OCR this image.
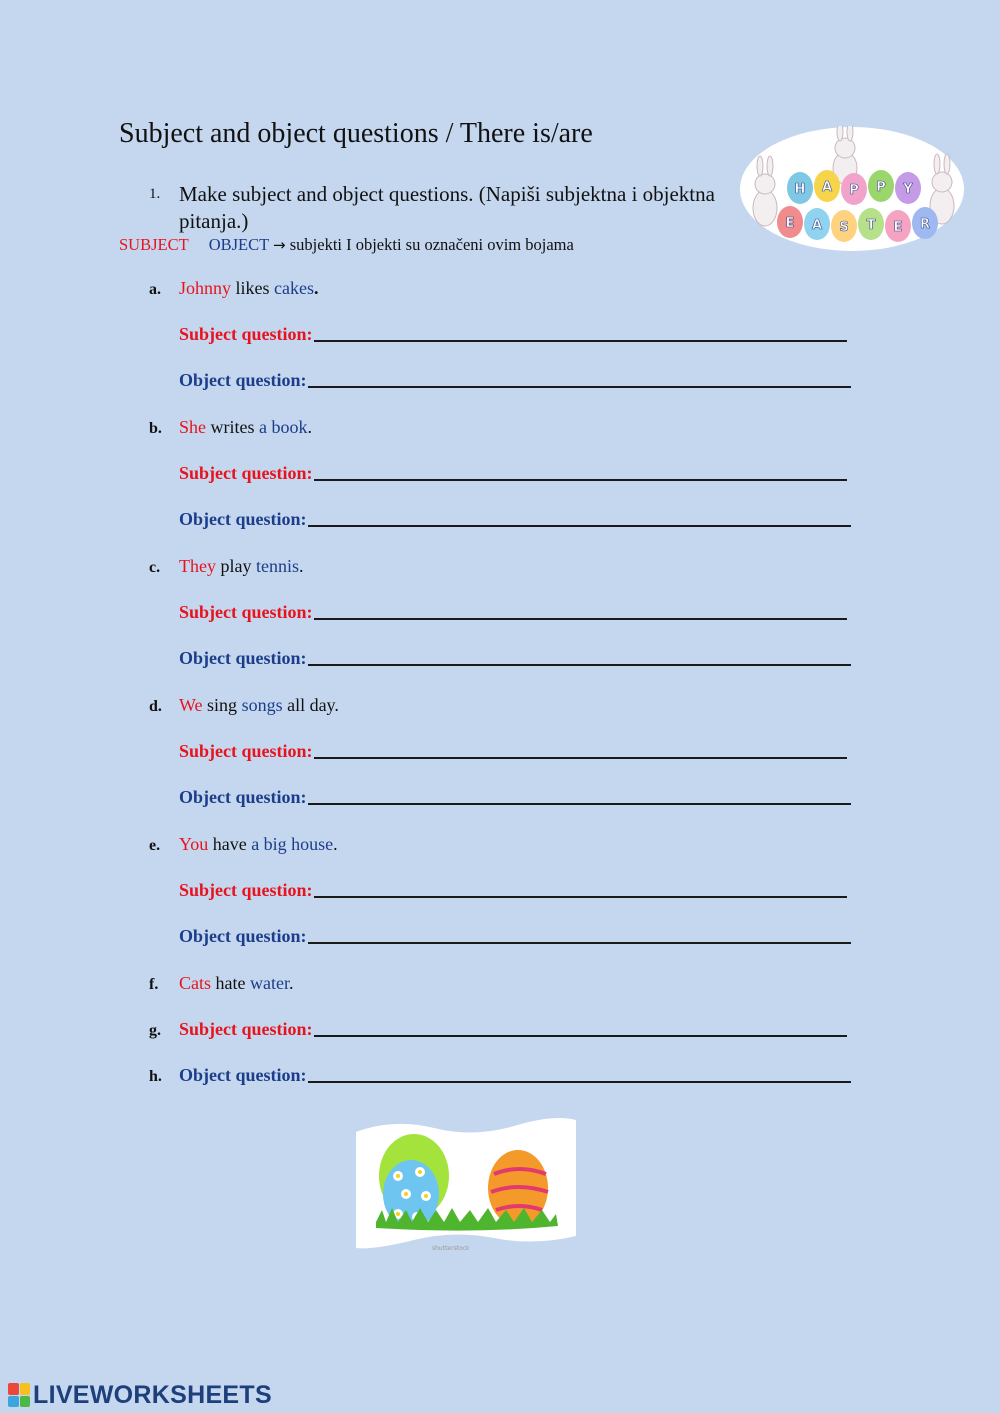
Subject and object questions / There is/are
1. Make subject and object questions. (Napiši subjektna i objektna pitanja.)
SUBJECT OBJECT → subjekti I objekti su označeni ovim bojama
a. Johnny likes cakes.
Subject question:
Object question:
b. She writes a book.
Subject question:
Object question:
c. They play tennis.
Subject question:
Object question:
d. We sing songs all day.
Subject question:
Object question:
e. You have a big house.
Subject question:
Object question:
f. Cats hate water.
g.	Subject question:
h. Object question:
H A P P Y
E A S T E R
shutterstock
LIVEWORKSHEETS
